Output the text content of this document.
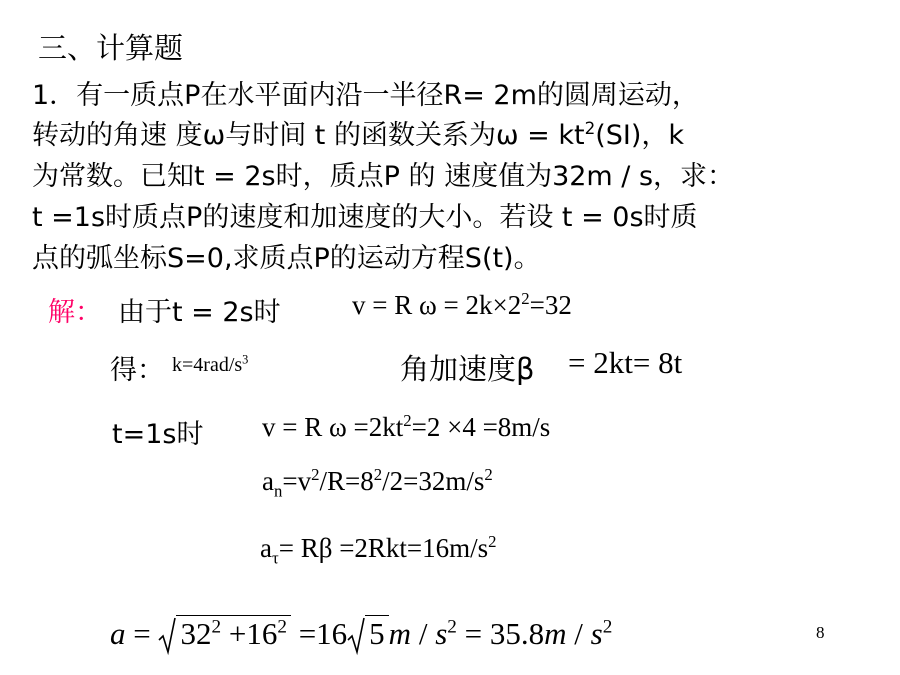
三、计算题
1．有一质点P在水平面内沿一半径R= 2m的圆周运动，
转动的角速 度ω与时间 t 的函数关系为$\omega = kt^2(SI)$，k
为常数。已知t = 2s时，质点P 的 速度值为32m / s，求：
t =1s时质点P的速度和加速度的大小。若设 t = 0s时质
点的弧坐标S=0,求质点P的运动方程S(t)。
解： 由于t = 2s时	v = R $\omega = 2k\times 2^2=32$
得： $k=4rad/s^3$	角加速度β = 2kt= 8t
t=1s时 v = R $\omega =2kt^2=2 \times 4 =8m/s$
$a_n=v^2/R=8^2/2=32m/s^2$
$a_\tau= R\beta =2Rkt=16m/s^2$
a =
$32^2 +16^2 =16$ 5 $m / s^2 = 35.8m / s^2$	8
